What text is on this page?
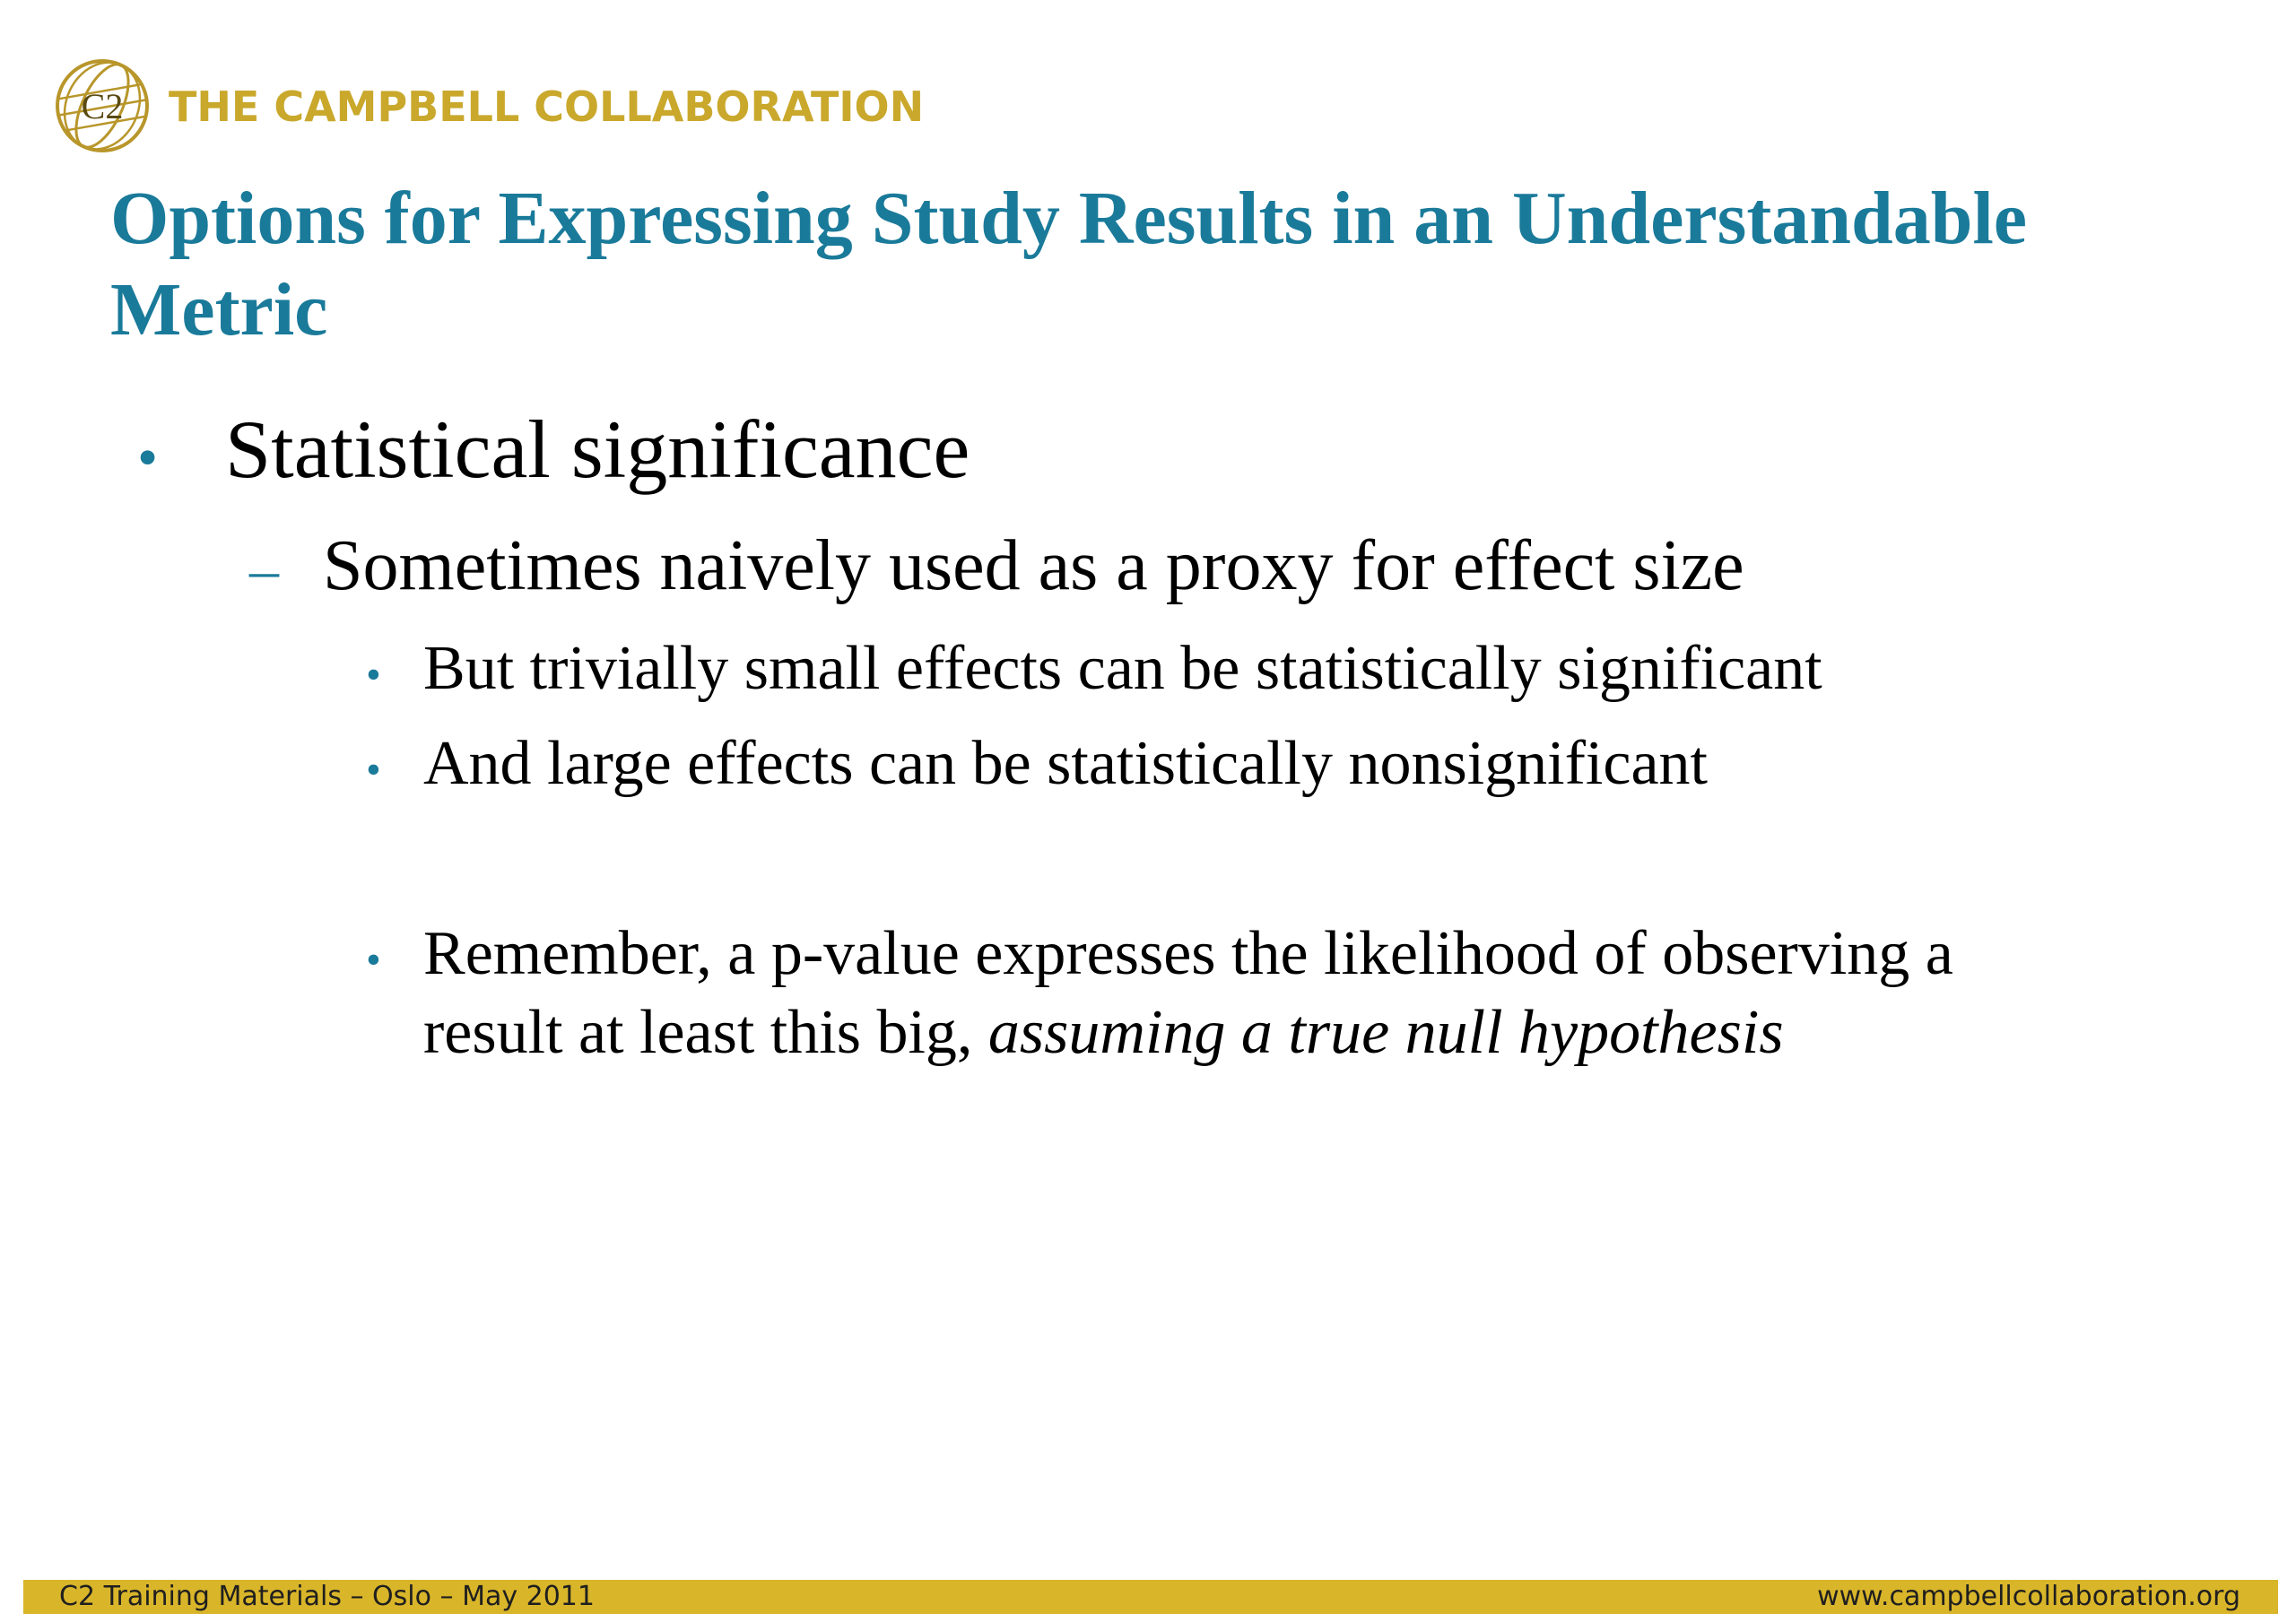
C2 THE CAMPBELL COLLABORATION
Options for Expressing Study Results in an Understandable Metric
• Statistical significance
– Sometimes naively used as a proxy for effect size
• But trivially small effects can be statistically significant
• And large effects can be statistically nonsignificant
• Remember, a p-value expresses the likelihood of observing a
result at least this big, assuming a true null hypothesis
C2 Training Materials – Oslo – May 2011	www.campbellcollaboration.org
